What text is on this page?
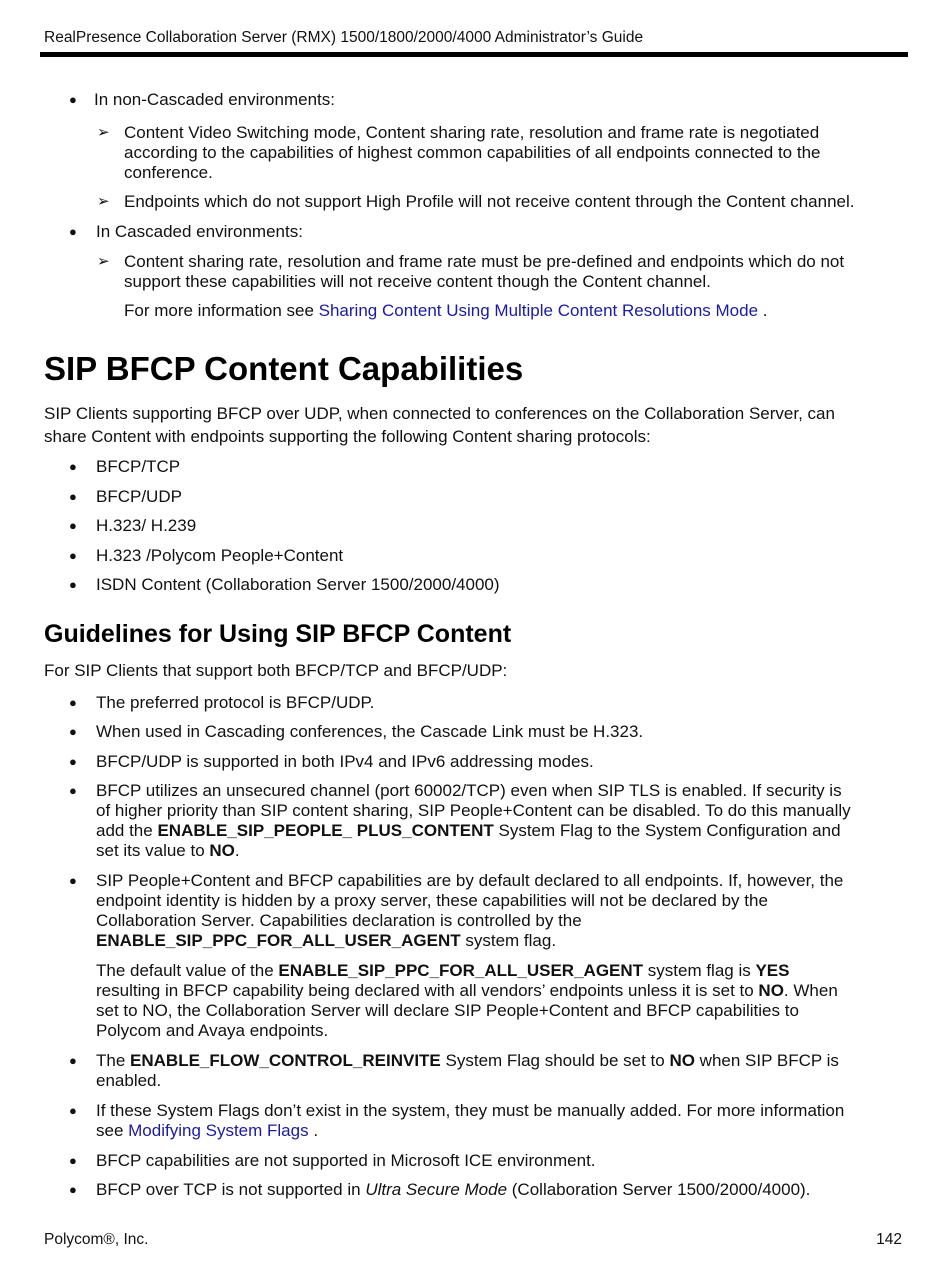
RealPresence Collaboration Server (RMX) 1500/1800/2000/4000 Administrator’s Guide
● In non-Cascaded environments:
➢ Content Video Switching mode, Content sharing rate, resolution and frame rate is negotiated
according to the capabilities of highest common capabilities of all endpoints connected to the
conference.
➢ Endpoints which do not support High Profile will not receive content through the Content channel.
● In Cascaded environments:
➢ Content sharing rate, resolution and frame rate must be pre-defined and endpoints which do not
support these capabilities will not receive content though the Content channel.
For more information see Sharing Content Using Multiple Content Resolutions Mode .
SIP BFCP Content Capabilities
SIP Clients supporting BFCP over UDP, when connected to conferences on the Collaboration Server, can
share Content with endpoints supporting the following Content sharing protocols:
● BFCP/TCP
● BFCP/UDP
● H.323/ H.239
● H.323 /Polycom People+Content
● ISDN Content (Collaboration Server 1500/2000/4000)
Guidelines for Using SIP BFCP Content
For SIP Clients that support both BFCP/TCP and BFCP/UDP:
● The preferred protocol is BFCP/UDP.
● When used in Cascading conferences, the Cascade Link must be H.323.
● BFCP/UDP is supported in both IPv4 and IPv6 addressing modes.
● BFCP utilizes an unsecured channel (port 60002/TCP) even when SIP TLS is enabled. If security is
of higher priority than SIP content sharing, SIP People+Content can be disabled. To do this manually
add the ENABLE_SIP_PEOPLE_ PLUS_CONTENT System Flag to the System Configuration and
set its value to NO.
● SIP People+Content and BFCP capabilities are by default declared to all endpoints. If, however, the
endpoint identity is hidden by a proxy server, these capabilities will not be declared by the
Collaboration Server. Capabilities declaration is controlled by the
ENABLE_SIP_PPC_FOR_ALL_USER_AGENT system flag.
The default value of the ENABLE_SIP_PPC_FOR_ALL_USER_AGENT system flag is YES
resulting in BFCP capability being declared with all vendors’ endpoints unless it is set to NO. When
set to NO, the Collaboration Server will declare SIP People+Content and BFCP capabilities to
Polycom and Avaya endpoints.
● The ENABLE_FLOW_CONTROL_REINVITE System Flag should be set to NO when SIP BFCP is
enabled.
● If these System Flags don’t exist in the system, they must be manually added. For more information
see Modifying System Flags .
● BFCP capabilities are not supported in Microsoft ICE environment.
● BFCP over TCP is not supported in Ultra Secure Mode (Collaboration Server 1500/2000/4000).
Polycom®, Inc.	142
